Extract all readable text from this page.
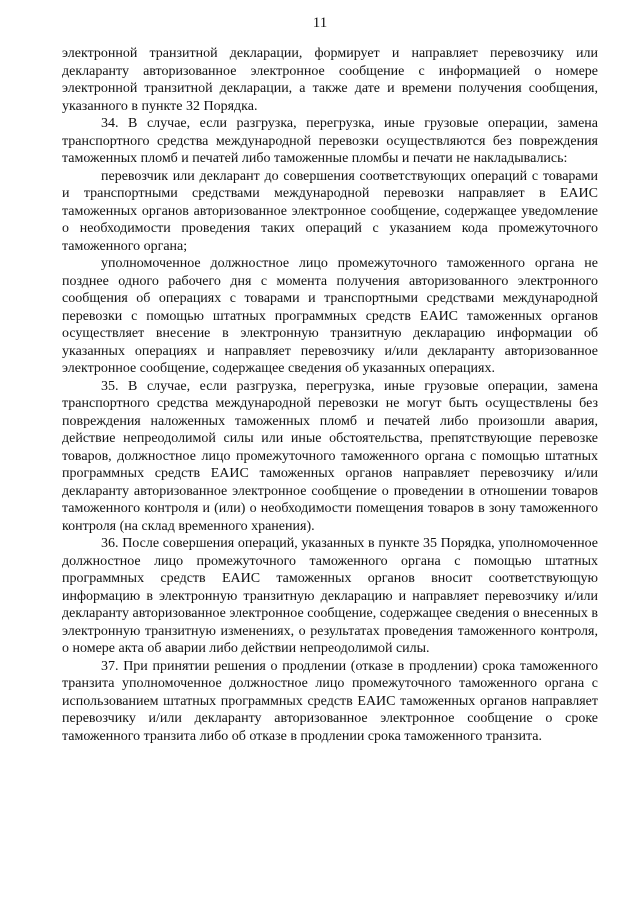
11

электронной транзитной декларации, формирует и направляет перевозчику или декларанту авторизованное электронное сообщение с информацией о номере электронной транзитной декларации, а также дате и времени получения сообщения, указанного в пункте 32 Порядка.

34. В случае, если разгрузка, перегрузка, иные грузовые операции, замена транспортного средства международной перевозки осуществляются без повреждения таможенных пломб и печатей либо таможенные пломбы и печати не накладывались:

перевозчик или декларант до совершения соответствующих операций с товарами и транспортными средствами международной перевозки направляет в ЕАИС таможенных органов авторизованное электронное сообщение, содержащее уведомление о необходимости проведения таких операций с указанием кода промежуточного таможенного органа;

уполномоченное должностное лицо промежуточного таможенного органа не позднее одного рабочего дня с момента получения авторизованного электронного сообщения об операциях с товарами и транспортными средствами международной перевозки с помощью штатных программных средств ЕАИС таможенных органов осуществляет внесение в электронную транзитную декларацию информации об указанных операциях и направляет перевозчику и/или декларанту авторизованное электронное сообщение, содержащее сведения об указанных операциях.

35. В случае, если разгрузка, перегрузка, иные грузовые операции, замена транспортного средства международной перевозки не могут быть осуществлены без повреждения наложенных таможенных пломб и печатей либо произошли авария, действие непреодолимой силы или иные обстоятельства, препятствующие перевозке товаров, должностное лицо промежуточного таможенного органа с помощью штатных программных средств ЕАИС таможенных органов направляет перевозчику и/или декларанту авторизованное электронное сообщение о проведении в отношении товаров таможенного контроля и (или) о необходимости помещения товаров в зону таможенного контроля (на склад временного хранения).

36. После совершения операций, указанных в пункте 35 Порядка, уполномоченное должностное лицо промежуточного таможенного органа с помощью штатных программных средств ЕАИС таможенных органов вносит соответствующую информацию в электронную транзитную декларацию и направляет перевозчику и/или декларанту авторизованное электронное сообщение, содержащее сведения о внесенных в электронную транзитную изменениях, о результатах проведения таможенного контроля, о номере акта об аварии либо действии непреодолимой силы.

37. При принятии решения о продлении (отказе в продлении) срока таможенного транзита уполномоченное должностное лицо промежуточного таможенного органа с использованием штатных программных средств ЕАИС таможенных органов направляет перевозчику и/или декларанту авторизованное электронное сообщение о сроке таможенного транзита либо об отказе в продлении срока таможенного транзита.
